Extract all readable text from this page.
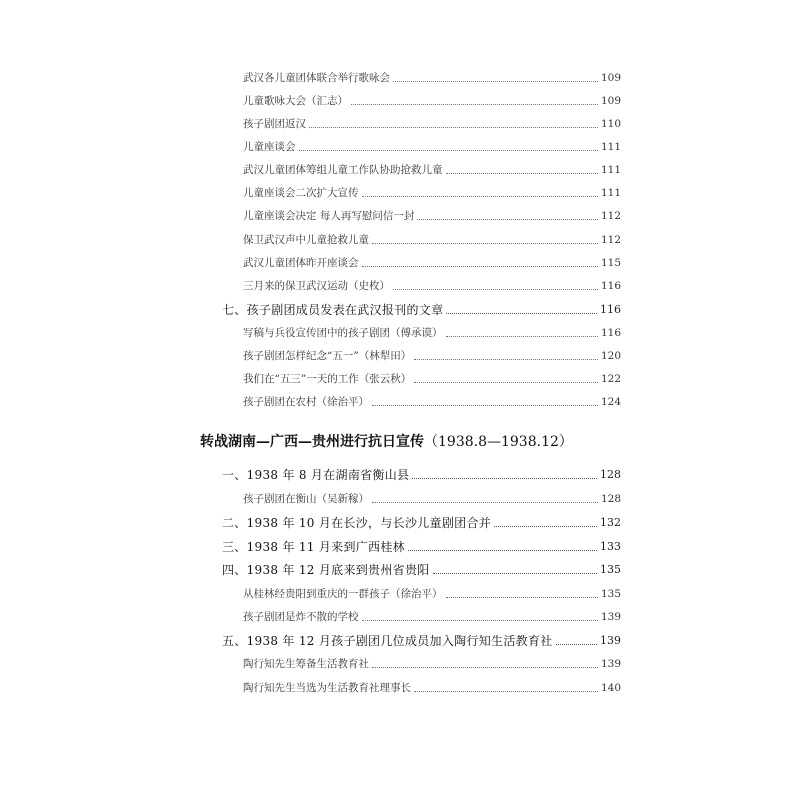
武汉各儿童团体联合举行歌咏会	109
儿童歌咏大会（汇志）	109
孩子剧团返汉	110
儿童座谈会	111
武汉儿童团体筹组儿童工作队协助抢救儿童	111
儿童座谈会二次扩大宣传	111
儿童座谈会决定 每人再写慰问信一封	112
保卫武汉声中儿童抢救儿童	112
武汉儿童团体昨开座谈会	115
三月来的保卫武汉运动（史枚）	116
七、孩子剧团成员发表在武汉报刊的文章	116
写稿与兵役宣传团中的孩子剧团（傅承谟）	116
孩子剧团怎样纪念“五一”（林犁田）	120
我们在“五三”一天的工作（张云秋）	122
孩子剧团在农村（徐治平）	124
转战湖南—广西—贵州进行抗日宣传（1938.8—1938.12）
一、1938 年 8 月在湖南省衡山县	128
孩子剧团在衡山（吴新稼）	128
二、1938 年 10 月在长沙，与长沙儿童剧团合并	132
三、1938 年 11 月来到广西桂林	133
四、1938 年 12 月底来到贵州省贵阳	135
从桂林经贵阳到重庆的一群孩子（徐治平）	135
孩子剧团是炸不散的学校	139
五、1938 年 12 月孩子剧团几位成员加入陶行知生活教育社	139
陶行知先生筹备生活教育社	139
陶行知先生当选为生活教育社理事长	140
